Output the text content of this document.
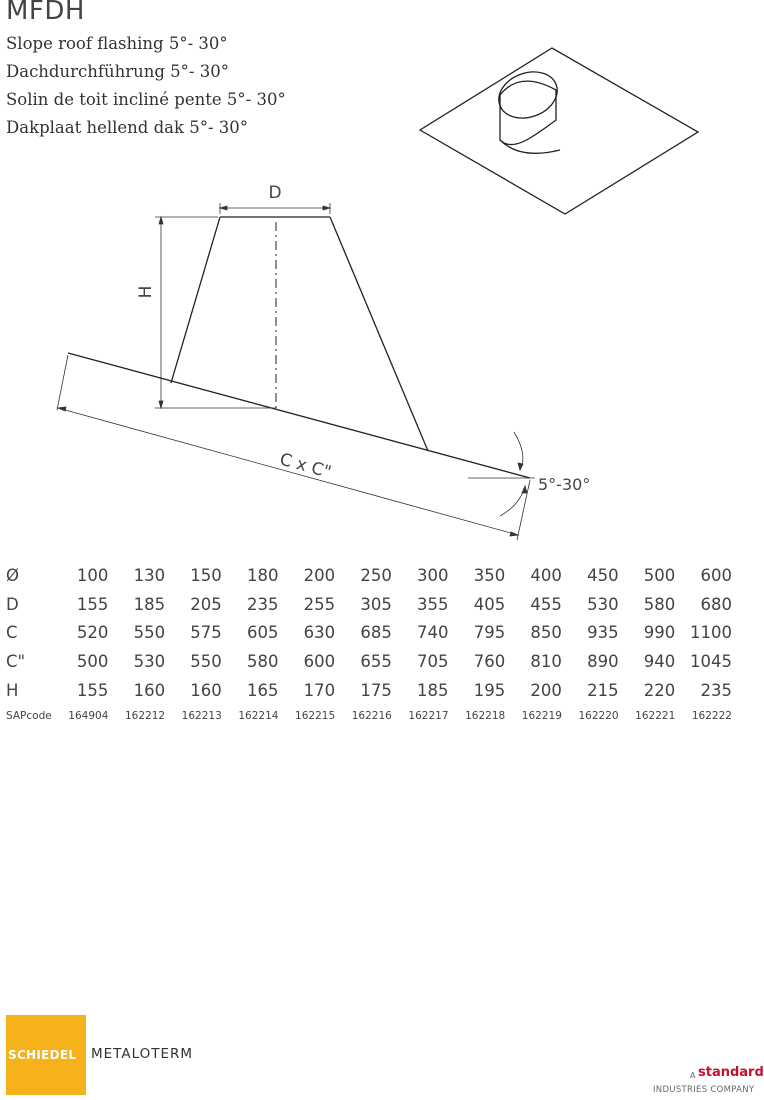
MFDH
Slope roof flashing 5°- 30°
Dachdurchführung 5°- 30°
Solin de toit incliné pente 5°- 30°
Dakplaat hellend dak 5°- 30°
D
H
C x C"
5°-30°
Ø	100	130	150	180	200	250	300	350	400	450	500	600
D	155	185	205	235	255	305	355	405	455	530	580	680
C	520	550	575	605	630	685	740	795	850	935	990	1100
C"	500	530	550	580	600	655	705	760	810	890	940	1045
H	155	160	160	165	170	175	185	195	200	215	220	235
SAPcode	164904	162212	162213	162214	162215	162216	162217	162218	162219	162220	162221	162222
SCHIEDEL METALOTERM
A standard
INDUSTRIES COMPANY
